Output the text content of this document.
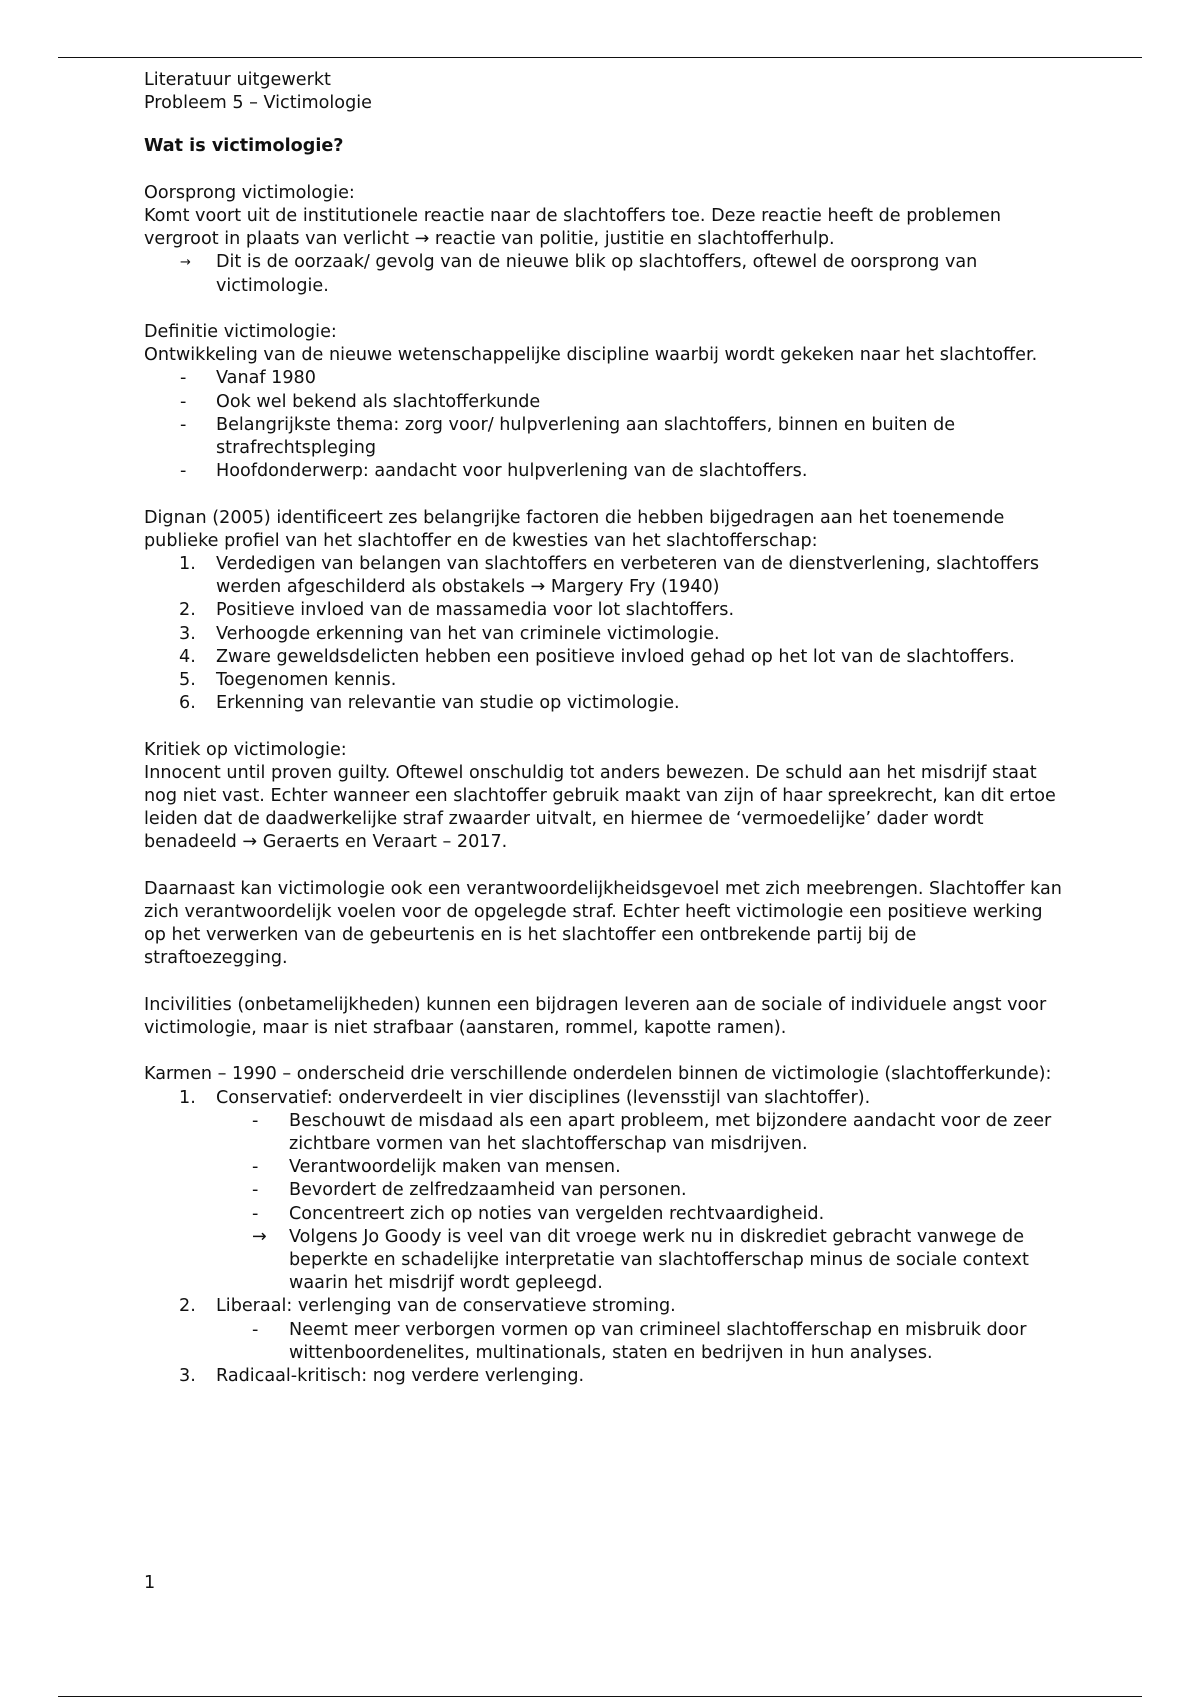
Literatuur uitgewerkt
Probleem 5 – Victimologie
Wat is victimologie?
Oorsprong victimologie:
Komt voort uit de institutionele reactie naar de slachtoffers toe. Deze reactie heeft de problemen vergroot in plaats van verlicht → reactie van politie, justitie en slachtofferhulp.
→ Dit is de oorzaak/ gevolg van de nieuwe blik op slachtoffers, oftewel de oorsprong van victimologie.
Definitie victimologie:
Ontwikkeling van de nieuwe wetenschappelijke discipline waarbij wordt gekeken naar het slachtoffer.
- Vanaf 1980
- Ook wel bekend als slachtofferkunde
- Belangrijkste thema: zorg voor/ hulpverlening aan slachtoffers, binnen en buiten de strafrechtspleging
- Hoofdonderwerp: aandacht voor hulpverlening van de slachtoffers.
Dignan (2005) identificeert zes belangrijke factoren die hebben bijgedragen aan het toenemende publieke profiel van het slachtoffer en de kwesties van het slachtofferschap:
1. Verdedigen van belangen van slachtoffers en verbeteren van de dienstverlening, slachtoffers werden afgeschilderd als obstakels → Margery Fry (1940)
2. Positieve invloed van de massamedia voor lot slachtoffers.
3. Verhoogde erkenning van het van criminele victimologie.
4. Zware geweldsdelicten hebben een positieve invloed gehad op het lot van de slachtoffers.
5. Toegenomen kennis.
6. Erkenning van relevantie van studie op victimologie.
Kritiek op victimologie:
Innocent until proven guilty. Oftewel onschuldig tot anders bewezen. De schuld aan het misdrijf staat nog niet vast. Echter wanneer een slachtoffer gebruik maakt van zijn of haar spreekrecht, kan dit ertoe leiden dat de daadwerkelijke straf zwaarder uitvalt, en hiermee de ‘vermoedelijke’ dader wordt benadeeld → Geraerts en Veraart – 2017.
Daarnaast kan victimologie ook een verantwoordelijkheidsgevoel met zich meebrengen. Slachtoffer kan zich verantwoordelijk voelen voor de opgelegde straf. Echter heeft victimologie een positieve werking op het verwerken van de gebeurtenis en is het slachtoffer een ontbrekende partij bij de straftoezegging.
Incivilities (onbetamelijkheden) kunnen een bijdragen leveren aan de sociale of individuele angst voor victimologie, maar is niet strafbaar (aanstaren, rommel, kapotte ramen).
Karmen – 1990 – onderscheid drie verschillende onderdelen binnen de victimologie (slachtofferkunde):
1. Conservatief: onderverdeelt in vier disciplines (levensstijl van slachtoffer).
- Beschouwt de misdaad als een apart probleem, met bijzondere aandacht voor de zeer zichtbare vormen van het slachtofferschap van misdrijven.
- Verantwoordelijk maken van mensen.
- Bevordert de zelfredzaamheid van personen.
- Concentreert zich op noties van vergelden rechtvaardigheid.
→ Volgens Jo Goody is veel van dit vroege werk nu in diskrediet gebracht vanwege de beperkte en schadelijke interpretatie van slachtofferschap minus de sociale context waarin het misdrijf wordt gepleegd.
2. Liberaal: verlenging van de conservatieve stroming.
- Neemt meer verborgen vormen op van crimineel slachtofferschap en misbruik door wittenboordenelites, multinationals, staten en bedrijven in hun analyses.
3. Radicaal-kritisch: nog verdere verlenging.
1
